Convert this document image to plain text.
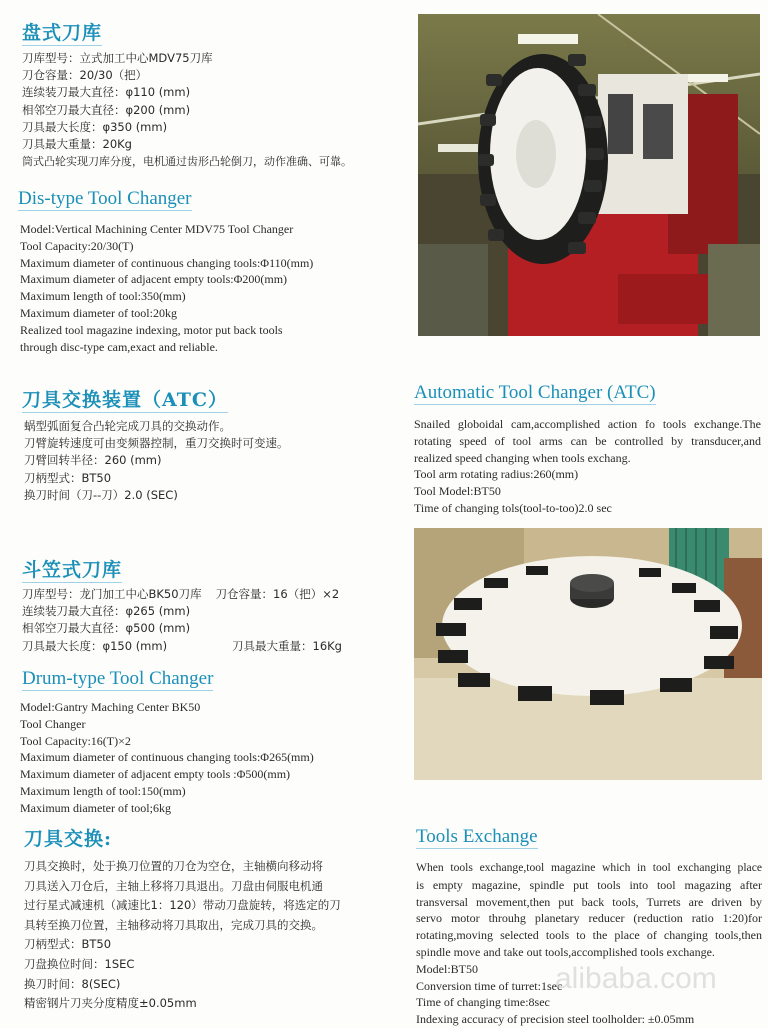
盘式刀库
刀库型号：立式加工中心MDV75刀库
刀仓容量：20/30（把）
连续装刀最大直径：φ110 (mm)
相邻空刀最大直径：φ200 (mm)
刀具最大长度：φ350 (mm)
刀具最大重量：20Kg
筒式凸轮实现刀库分度，电机通过齿形凸轮倒刀，动作准确、可靠。
Dis-type Tool Changer
Model:Vertical Machining Center MDV75 Tool Changer
Tool Capacity:20/30(T)
Maximum diameter of continuous changing tools:Φ110(mm)
Maximum diameter of adjacent empty tools:Φ200(mm)
Maximum length of tool:350(mm)
Maximum diameter of tool:20kg
Realized tool magazine indexing, motor put back tools
through disc-type cam,exact and reliable.
刀具交换装置（ATC）
蜗型弧面复合凸轮完成刀具的交换动作。
刀臂旋转速度可由变频器控制，重刀交换时可变速。
刀臂回转半径：260 (mm)
刀柄型式：BT50
换刀时间（刀--刀）2.0 (SEC)
Automatic Tool Changer (ATC)
Snailed globoidal cam,accomplished action fo tools exchange.The
rotating speed of tool arms can be controlled by transducer,and
realized speed changing when tools exchang.
Tool arm rotating radius:260(mm)
Tool Model:BT50
Time of changing tols(tool-to-too)2.0 sec
斗笠式刀库
刀库型号：龙门加工中心BK50刀库 刀仓容量：16（把）×2
连续装刀最大直径：φ265 (mm)
相邻空刀最大直径：φ500 (mm)
刀具最大长度：φ150 (mm)	刀具最大重量：16Kg
Drum-type Tool Changer
Model:Gantry Maching Center BK50
Tool Changer
Tool Capacity:16(T)×2
Maximum diameter of continuous changing tools:Φ265(mm)
Maximum diameter of adjacent empty tools :Φ500(mm)
Maximum length of tool:150(mm)
Maximum diameter of tool;6kg
刀具交换:
刀具交换时，处于换刀位置的刀仓为空仓，主轴横向移动将
刀具送入刀仓后，主轴上移将刀具退出。刀盘由伺服电机通
过行星式减速机（减速比1：120）带动刀盘旋转，将选定的刀
具转至换刀位置，主轴移动将刀具取出，完成刀具的交换。
刀柄型式：BT50
刀盘换位时间：1SEC
换刀时间：8(SEC)
精密钢片刀夹分度精度±0.05mm
Tools Exchange
When tools exchange,tool magazine which in tool exchanging place
is empty magazine, spindle put tools into tool magazing after
transversal movement,then put back tools, Turrets are driven by
servo motor throuhg planetary reducer (reduction ratio 1:20)for
rotating,moving selected tools to the place of changing tools,then
spindle move and take out tools,accomplished tools exchange.
Model:BT50
Conversion time of turret:1sec
Time of changing time:8sec
Indexing accuracy of precision steel toolholder: ±0.05mm
alibaba.com
